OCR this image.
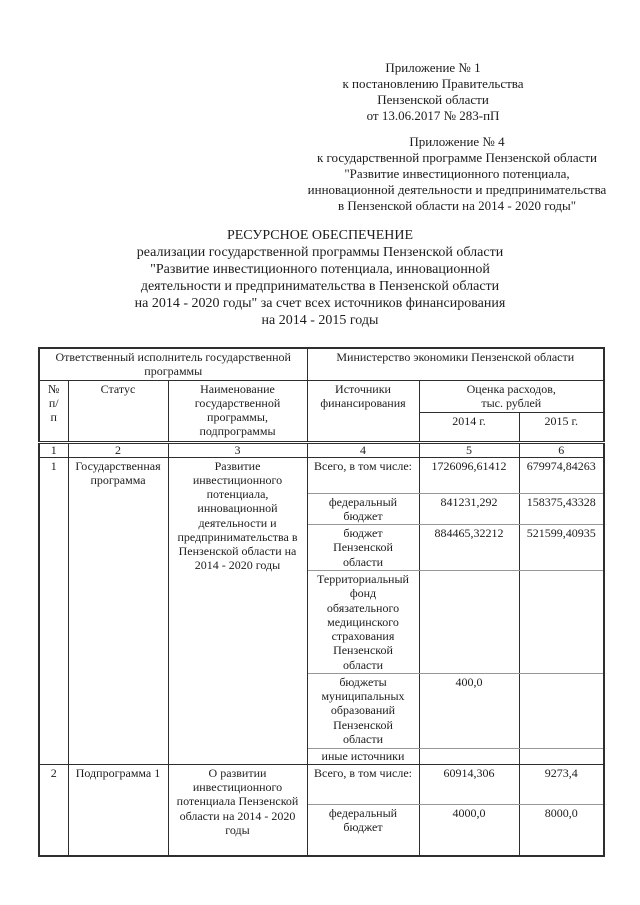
Приложение № 1
к постановлению Правительства
Пензенской области
от 13.06.2017 № 283-пП
Приложение № 4
к государственной программе Пензенской области
"Развитие инвестиционного потенциала,
инновационной деятельности и предпринимательства
в Пензенской области на 2014 - 2020 годы"
РЕСУРСНОЕ ОБЕСПЕЧЕНИЕ
реализации государственной программы Пензенской области
"Развитие инвестиционного потенциала, инновационной
деятельности и предпринимательства в Пензенской области
на 2014 - 2020 годы" за счет всех источников финансирования
на 2014 - 2015 годы
Ответственный исполнитель государственной программы			Министерство экономики Пензенской области		
№ п/п	Статус	Наименование государственной программы, подпрограммы	Источники финансирования	Оценка расходов,
тыс. рублей	

				2014 г.	2015 г.
1	2	3	4	5	6
1	Государственная программа	Развитие инвестиционного потенциала, инновационной деятельности и предпринимательства в Пензенской области на 2014 - 2020 годы	Всего, в том числе:	1726096,61412	679974,84263
			федеральный бюджет	841231,292	158375,43328
			бюджет Пензенской области	884465,32212	521599,40935
			Территориальный фонд обязательного медицинского страхования Пензенской области		
			бюджеты муниципальных образований Пензенской области	400,0	
			иные источники		
2	Подпрограмма 1	О развитии инвестиционного потенциала Пензенской области на 2014 - 2020 годы	Всего, в том числе:	60914,306	9273,4
			федеральный бюджет	4000,0	8000,0
